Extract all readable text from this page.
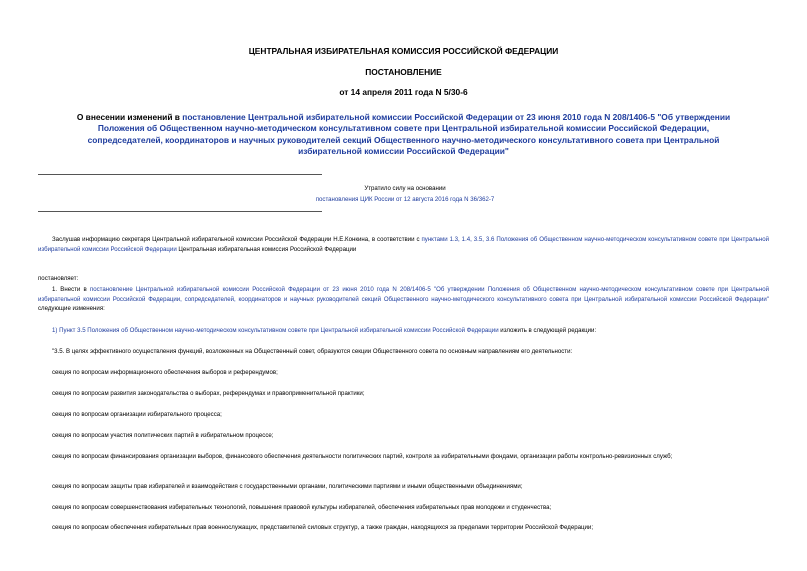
ЦЕНТРАЛЬНАЯ ИЗБИРАТЕЛЬНАЯ КОМИССИЯ РОССИЙСКОЙ ФЕДЕРАЦИИ
ПОСТАНОВЛЕНИЕ
от 14 апреля 2011 года N 5/30-6
О внесении изменений в постановление Центральной избирательной комиссии Российской Федерации от 23 июня 2010 года N 208/1406-5 "Об утверждении Положения об Общественном научно-методическом консультативном совете при Центральной избирательной комиссии Российской Федерации, сопредседателей, координаторов и научных руководителей секций Общественного научно-методического консультативного совета при Центральной избирательной комиссии Российской Федерации"
Утратило силу на основании
постановления ЦИК России от 12 августа 2016 года N 36/362-7
Заслушав информацию секретаря Центральной избирательной комиссии Российской Федерации Н.Е.Конкина, в соответствии с пунктами 1.3, 1.4, 3.5, 3.6 Положения об Общественном научно-методическом консультативном совете при Центральной избирательной комиссии Российской Федерации Центральная избирательная комиссия Российской Федерации
постановляет:
1. Внести в постановление Центральной избирательной комиссии Российской Федерации от 23 июня 2010 года N 208/1406-5 "Об утверждении Положения об Общественном научно-методическом консультативном совете при Центральной избирательной комиссии Российской Федерации, сопредседателей, координаторов и научных руководителей секций Общественного научно-методического консультативного совета при Центральной избирательной комиссии Российской Федерации" следующие изменения:
1) Пункт 3.5 Положения об Общественном научно-методическом консультативном совете при Центральной избирательной комиссии Российской Федерации изложить в следующей редакции:
"3.5. В целях эффективного осуществления функций, возложенных на Общественный совет, образуются секции Общественного совета по основным направлениям его деятельности:
секция по вопросам информационного обеспечения выборов и референдумов;
секция по вопросам развития законодательства о выборах, референдумах и правоприменительной практики;
секция по вопросам организации избирательного процесса;
секция по вопросам участия политических партий в избирательном процессе;
секция по вопросам финансирования организации выборов, финансового обеспечения деятельности политических партий, контроля за избирательными фондами, организации работы контрольно-ревизионных служб;
секция по вопросам защиты прав избирателей и взаимодействия с государственными органами, политическими партиями и иными общественными объединениями;
секция по вопросам совершенствования избирательных технологий, повышения правовой культуры избирателей, обеспечения избирательных прав молодежи и студенчества;
секция по вопросам обеспечения избирательных прав военнослужащих, представителей силовых структур, а также граждан, находящихся за пределами территории Российской Федерации;
